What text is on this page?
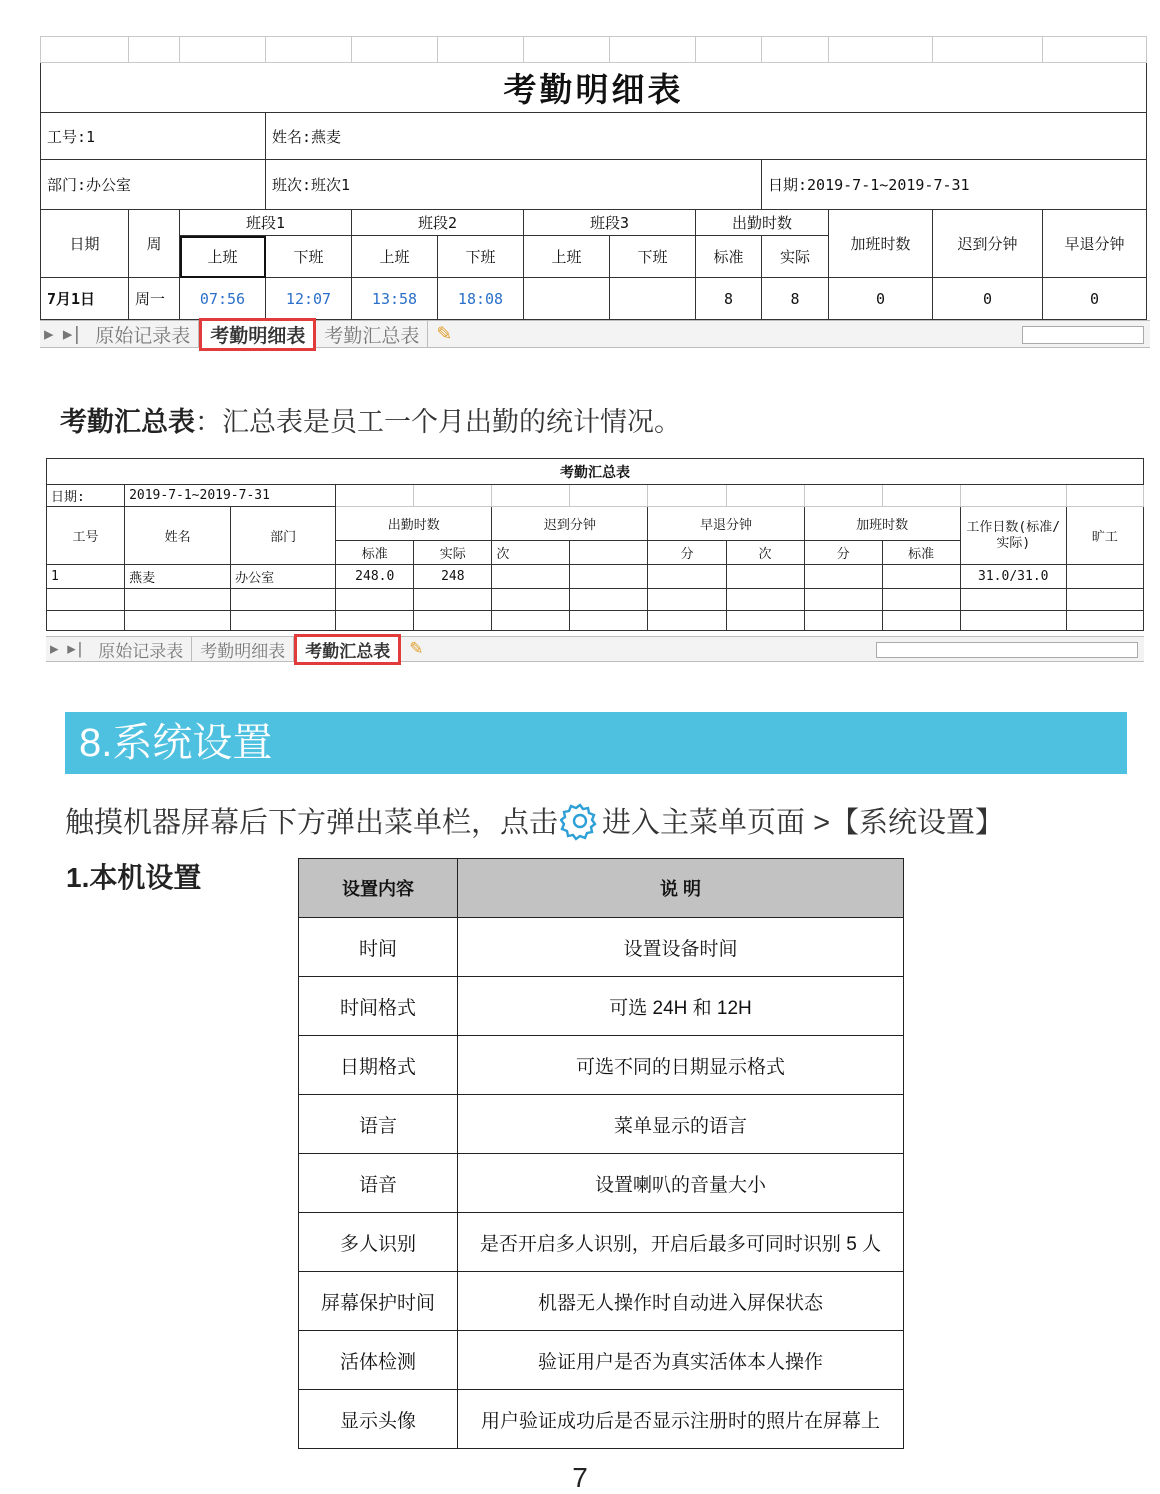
考勤明细表												
工号:1			姓名:燕麦									
部门:办公室			班次:班次1						日期:2019-7-1~2019-7-31			
日期	周	班段1		班段2		班段3		出勤时数		加班时数	迟到分钟	早退分钟
		上班	下班	上班	下班	上班	下班	标准	实际			
7月1日	周一	07:56	12:07	13:58	18:08			8	8	0	0	0
▸ ▸| 原始记录表	考勤明细表	考勤汇总表 ✎
考勤汇总表：汇总表是员工一个月出勤的统计情况。
考勤汇总表												
日期:	2019-7-1~2019-7-31											
工号	姓名	部门	出勤时数		迟到分钟		早退分钟		加班时数		工作日数(标准/实际)	旷工
			标准	实际	次		分	次	分	标准		
1	燕麦	办公室	248.0	248							31.0/31.0	

▸ ▸| 原始记录表	考勤明细表	考勤汇总表	✎
8.系统设置
触摸机器屏幕后下方弹出菜单栏，点击 进入主菜单页面 >【系统设置】
1.本机设置	设置内容	说 明
时间	设置设备时间
时间格式	可选 24H 和 12H
日期格式	可选不同的日期显示格式
语言	菜单显示的语言
语音	设置喇叭的音量大小
多人识别	是否开启多人识别，开启后最多可同时识别 5 人
屏幕保护时间	机器无人操作时自动进入屏保状态
活体检测	验证用户是否为真实活体本人操作
显示头像	用户验证成功后是否显示注册时的照片在屏幕上
7
